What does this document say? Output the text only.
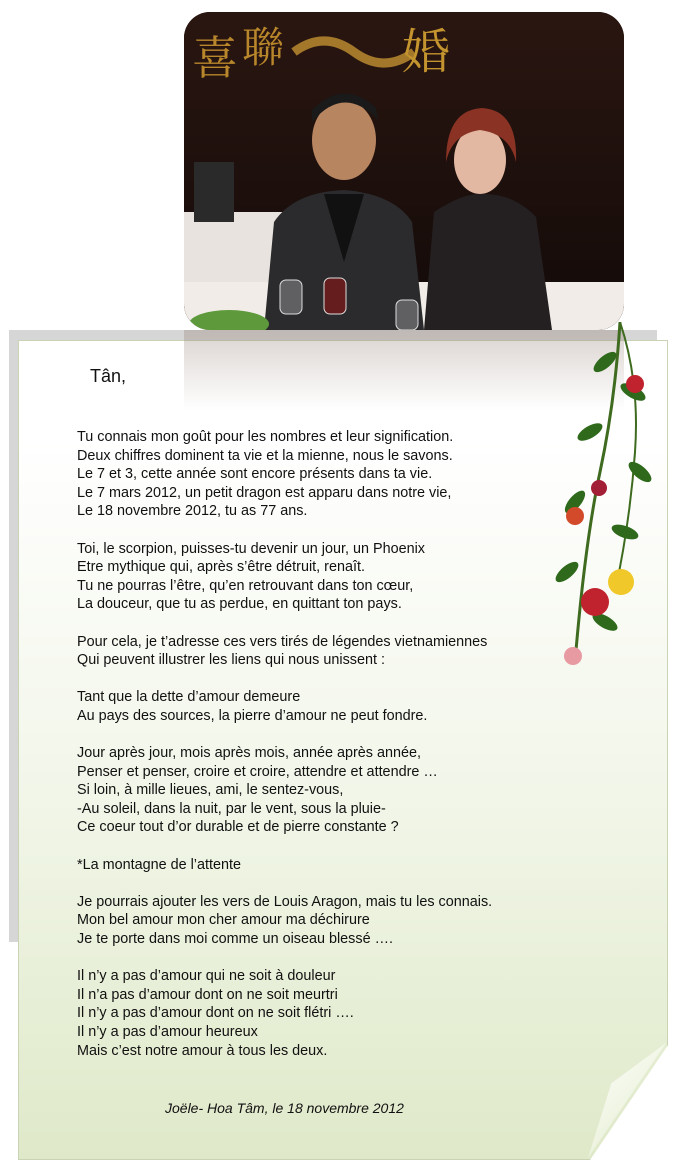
喜 聯 婚
Tân,
Tu connais mon goût pour les nombres et leur signification.
Deux chiffres dominent ta vie et la mienne, nous le savons.
Le 7 et 3, cette année sont encore présents dans ta vie.
Le 7 mars 2012, un petit dragon est apparu dans notre vie,
Le 18 novembre 2012, tu as 77 ans.
Toi, le scorpion, puisses-tu devenir un jour, un Phoenix
Etre mythique qui, après s’être détruit, renaît.
Tu ne pourras l’être, qu’en retrouvant dans ton cœur,
La douceur, que tu as perdue, en quittant ton pays.
Pour cela, je t’adresse ces vers tirés de légendes vietnamiennes
Qui peuvent illustrer les liens qui nous unissent :
Tant que la dette d’amour demeure
Au pays des sources, la pierre d’amour ne peut fondre.
Jour après jour, mois après mois, année après année,
Penser et penser, croire et croire, attendre et attendre …
Si loin, à mille lieues, ami, le sentez-vous,
-Au soleil, dans la nuit, par le vent, sous la pluie-
Ce coeur tout d’or durable et de pierre constante ?
*La montagne de l’attente
Je pourrais ajouter les vers de Louis Aragon, mais tu les connais.
Mon bel amour mon cher amour ma déchirure
Je te porte dans moi comme un oiseau blessé ….
Il n’y a pas d’amour qui ne soit à douleur
Il n’a pas d’amour dont on ne soit meurtri
Il n’y a pas d’amour dont on ne soit flétri ….
Il n’y a pas d’amour heureux
Mais c’est notre amour à tous les deux.
Joële- Hoa Tâm, le 18 novembre 2012
